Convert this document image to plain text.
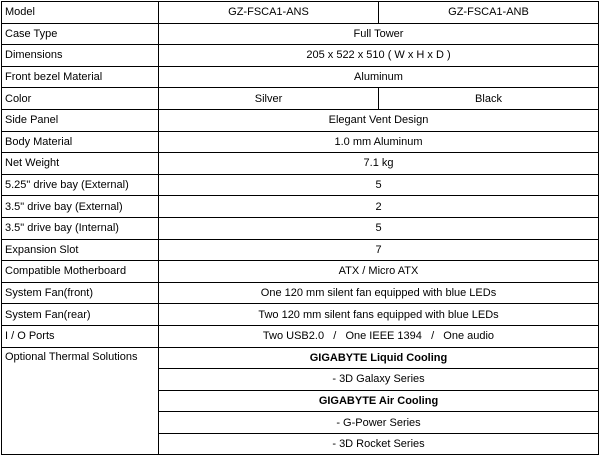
Model	GZ-FSCA1-ANS	GZ-FSCA1-ANB
Case Type	Full Tower	
Dimensions	205 x 522 x 510 ( W x H x D )	
Front bezel Material	Aluminum	
Color	Silver	Black
Side Panel	Elegant Vent Design	
Body Material	1.0 mm Aluminum	
Net Weight	7.1 kg	
5.25" drive bay (External)	5	
3.5" drive bay (External)	2	
3.5" drive bay (Internal)	5	
Expansion Slot	7	
Compatible Motherboard	ATX / Micro ATX	
System Fan(front)	One 120 mm silent fan equipped with blue LEDs	
System Fan(rear)	Two 120 mm silent fans equipped with blue LEDs	
I / O Ports	Two USB2.0   /   One IEEE 1394   /   One audio	
Optional Thermal Solutions	GIGABYTE Liquid Cooling	
	- 3D Galaxy Series	
	GIGABYTE Air Cooling	
	- G-Power Series	
	- 3D Rocket Series	
